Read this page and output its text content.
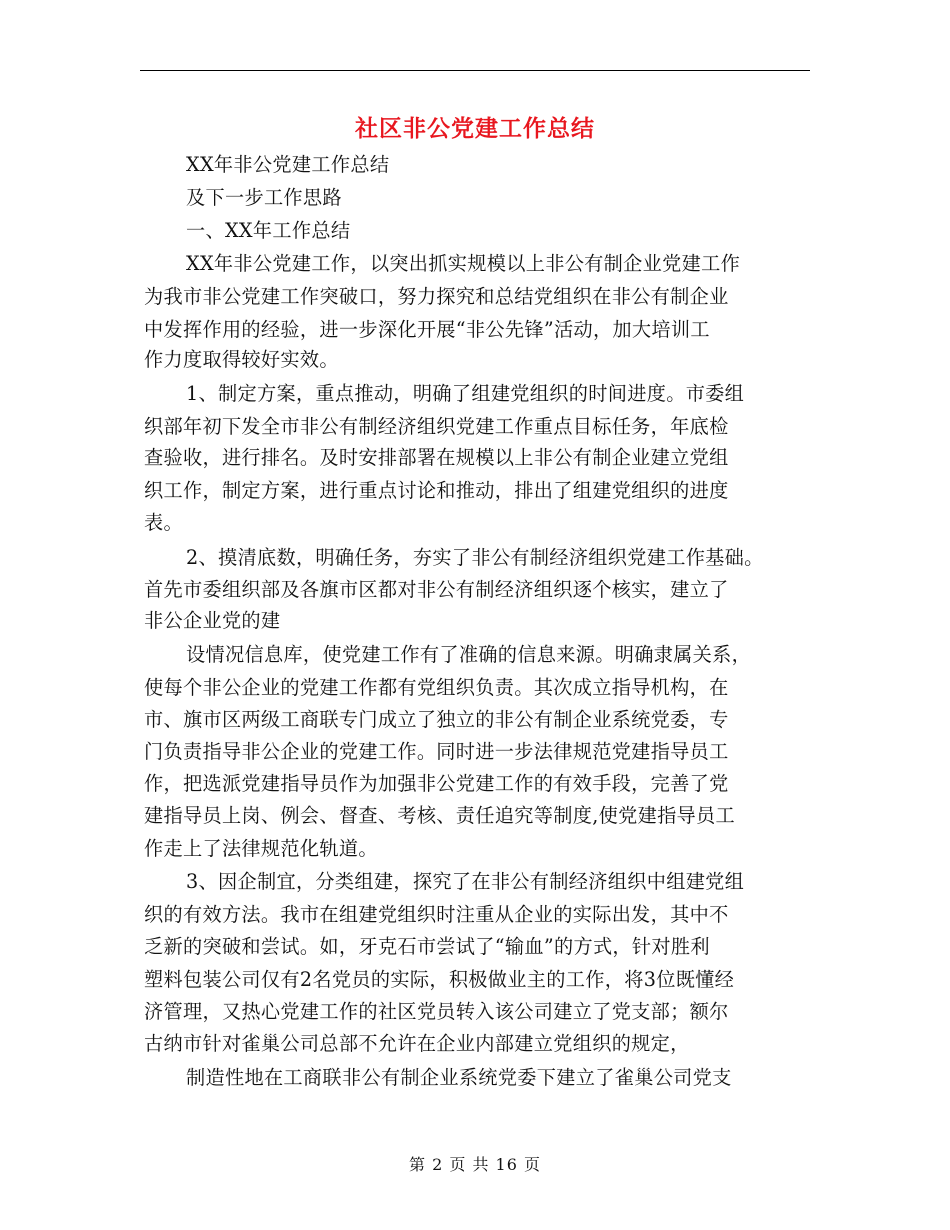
社区非公党建工作总结
XX年非公党建工作总结
及下一步工作思路
一、XX年工作总结
XX年非公党建工作，以突出抓实规模以上非公有制企业党建工作
为我市非公党建工作突破口，努力探究和总结党组织在非公有制企业
中发挥作用的经验，进一步深化开展“非公先锋”活动，加大培训工
作力度取得较好实效。
1、制定方案，重点推动，明确了组建党组织的时间进度。市委组
织部年初下发全市非公有制经济组织党建工作重点目标任务，年底检
查验收，进行排名。及时安排部署在规模以上非公有制企业建立党组
织工作，制定方案，进行重点讨论和推动，排出了组建党组织的进度
表。
2、摸清底数，明确任务，夯实了非公有制经济组织党建工作基础。
首先市委组织部及各旗市区都对非公有制经济组织逐个核实，建立了
非公企业党的建
设情况信息库，使党建工作有了准确的信息来源。明确隶属关系，
使每个非公企业的党建工作都有党组织负责。其次成立指导机构，在
市、旗市区两级工商联专门成立了独立的非公有制企业系统党委，专
门负责指导非公企业的党建工作。同时进一步法律规范党建指导员工
作，把选派党建指导员作为加强非公党建工作的有效手段，完善了党
建指导员上岗、例会、督查、考核、责任追究等制度,使党建指导员工
作走上了法律规范化轨道。
3、因企制宜，分类组建，探究了在非公有制经济组织中组建党组
织的有效方法。我市在组建党组织时注重从企业的实际出发，其中不
乏新的突破和尝试。如，牙克石市尝试了“输血”的方式，针对胜利
塑料包装公司仅有2名党员的实际，积极做业主的工作，将3位既懂经
济管理，又热心党建工作的社区党员转入该公司建立了党支部；额尔
古纳市针对雀巢公司总部不允许在企业内部建立党组织的规定，
制造性地在工商联非公有制企业系统党委下建立了雀巢公司党支
第 2 页 共 16 页
